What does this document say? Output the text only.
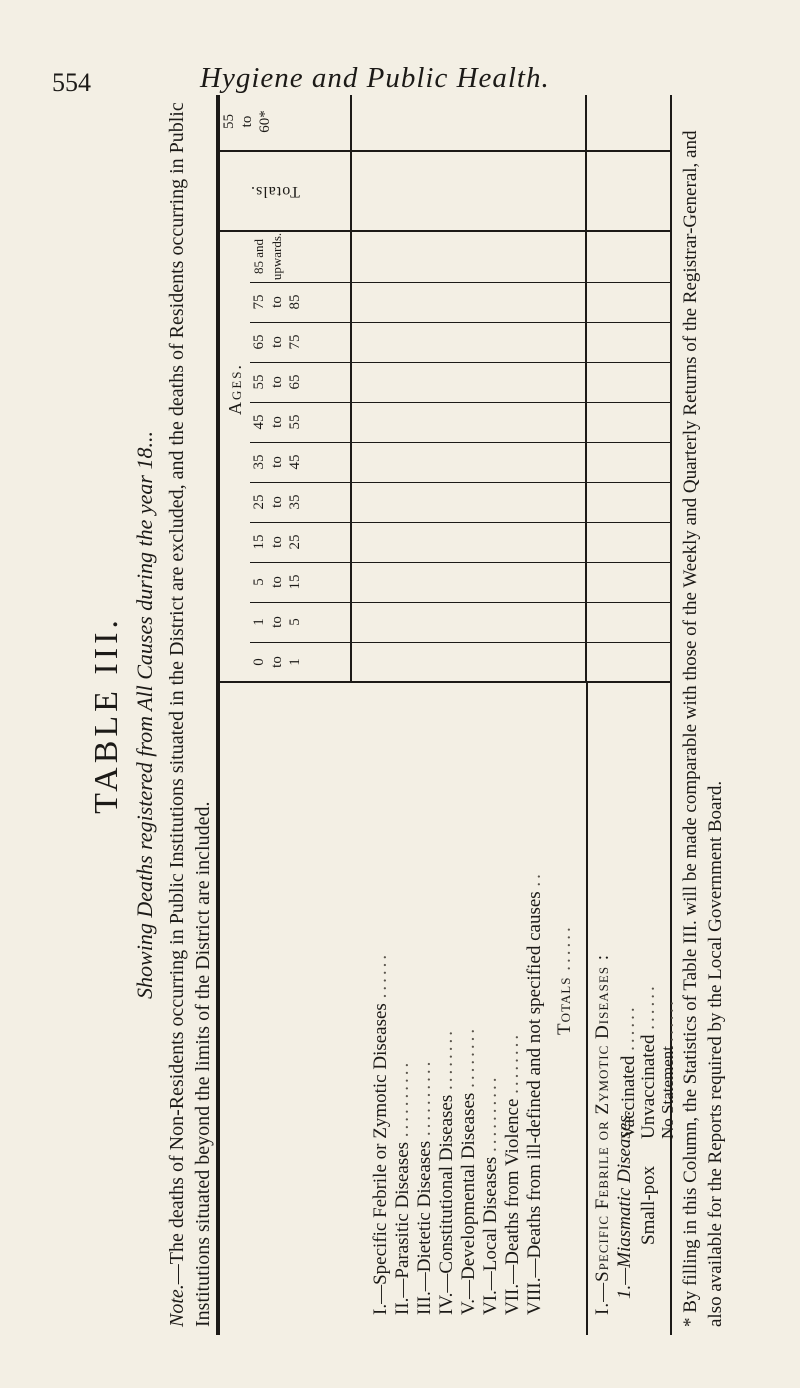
554	Hygiene and Public Health.
TABLE III. Showing Deaths registered from All Causes during the year 18...
Note.—The deaths of Non-Residents occurring in Public Institutions situated in the District are excluded, and the deaths of Residents occurring in Public Institutions situated beyond the limits of the District are included.	I.—Specific Febrile or Zymotic Diseases ......
II.—Parasitic Diseases ..........
III.—Dietetic Diseases .......... IV.—Constitutional Diseases ........
V.—Developmental Diseases ........
VI.—Local Diseases .......... VII.—Deaths from Violence ........ VIII.—Deaths from ill-defined and not specified causes ..
Totals ......
I.—Specific Febrile or Zymotic Diseases : 1.—Miasmatic Diseases. Small-pox
Vaccinated ......
Unvaccinated ......
No Statement ......
Ages.
0 to 1
1 to 5
5 to 15
15 to 25
25 to 35
35 to 45
45 to 55
55 to 65
65 to 75
75 to 85
85 and upwards.
Totals.
55 to 60*
* By filling in this Column, the Statistics of Table III. will be made comparable with those of the Weekly and Quarterly Returns of the Registrar-General, and also available for the Reports required by the Local Government Board.
